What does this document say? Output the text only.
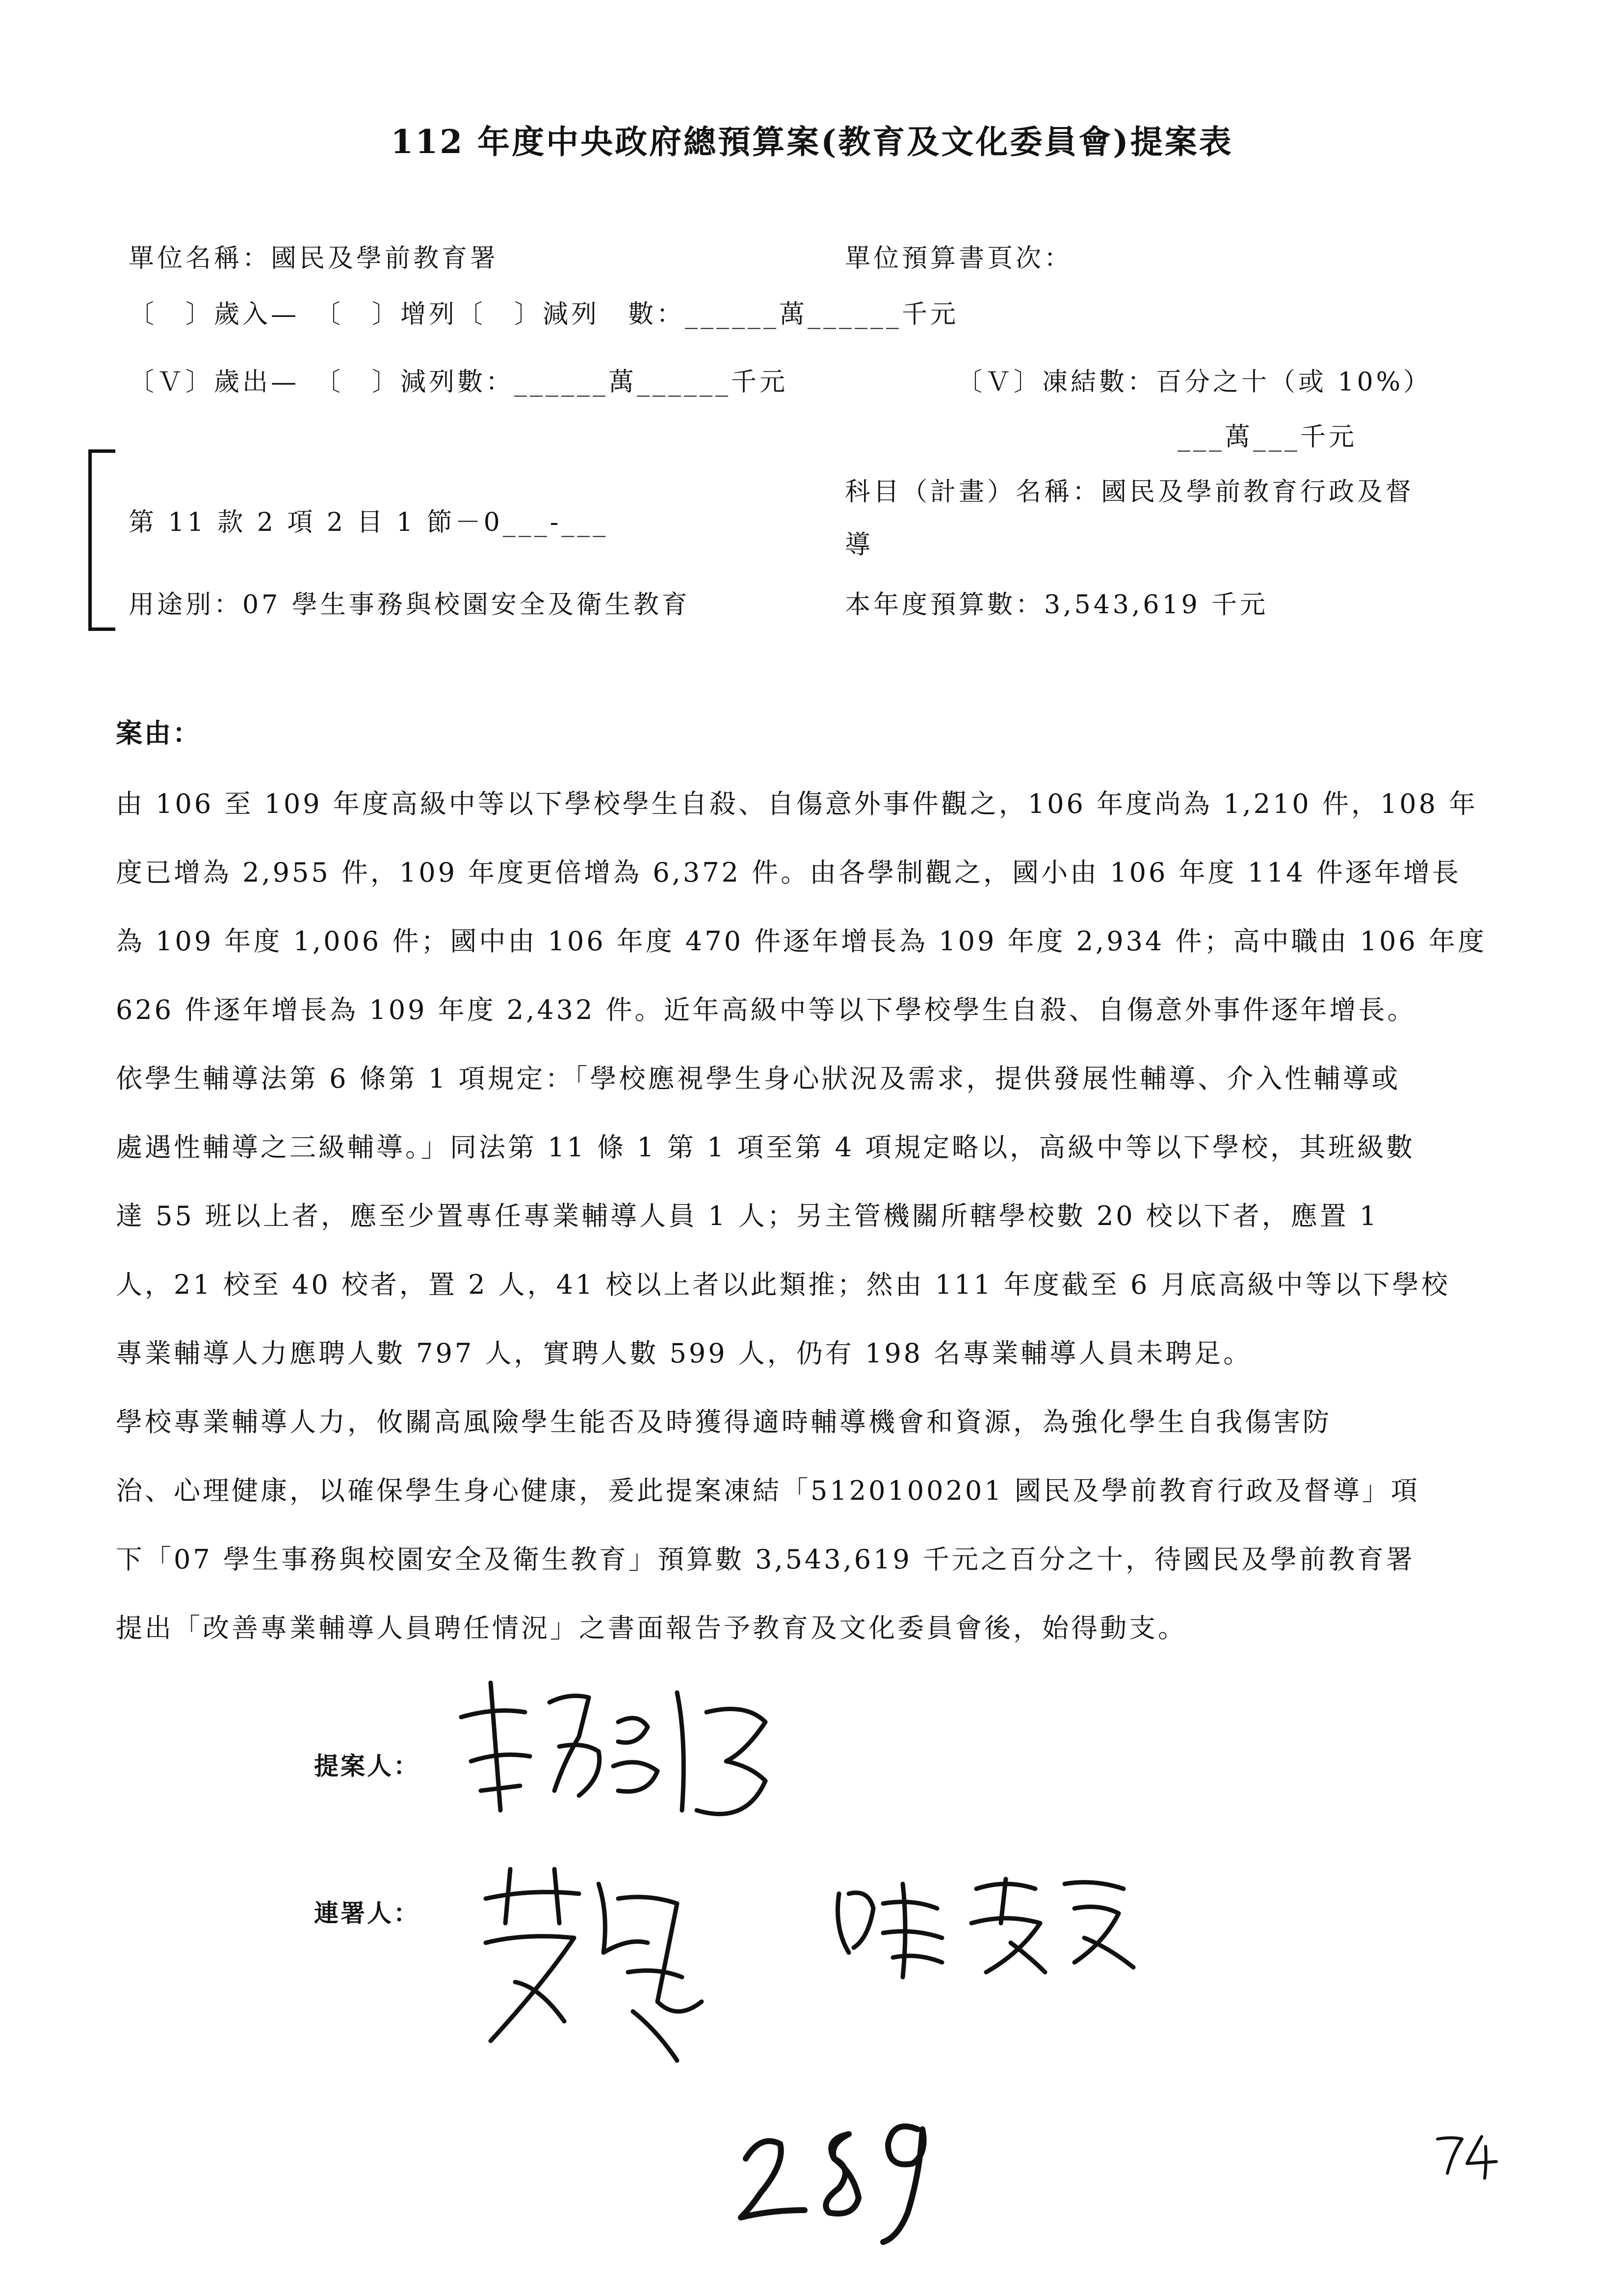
112 年度中央政府總預算案(教育及文化委員會)提案表
單位名稱：國民及學前教育署	單位預算書頁次：
〔　〕歲入—　〔　〕增列〔　〕減列　數：______萬______千元
〔Ｖ〕歲出—　〔　〕減列數：______萬______千元	〔Ｖ〕凍結數：百分之十（或 10%）
___萬___千元
第 11 款 2 項 2 目 1 節－0___-___
科目（計畫）名稱：國民及學前教育行政及督
導
用途別：07 學生事務與校園安全及衛生教育	本年度預算數：3,543,619 千元
案由：
由 106 至 109 年度高級中等以下學校學生自殺、自傷意外事件觀之，106 年度尚為 1,210 件，108 年
度已增為 2,955 件，109 年度更倍增為 6,372 件。由各學制觀之，國小由 106 年度 114 件逐年增長
為 109 年度 1,006 件；國中由 106 年度 470 件逐年增長為 109 年度 2,934 件；高中職由 106 年度
626 件逐年增長為 109 年度 2,432 件。近年高級中等以下學校學生自殺、自傷意外事件逐年增長。
依學生輔導法第 6 條第 1 項規定：「學校應視學生身心狀況及需求，提供發展性輔導、介入性輔導或
處遇性輔導之三級輔導。」同法第 11 條 1 第 1 項至第 4 項規定略以，高級中等以下學校，其班級數
達 55 班以上者，應至少置專任專業輔導人員 1 人；另主管機關所轄學校數 20 校以下者，應置 1
人，21 校至 40 校者，置 2 人，41 校以上者以此類推；然由 111 年度截至 6 月底高級中等以下學校
專業輔導人力應聘人數 797 人，實聘人數 599 人，仍有 198 名專業輔導人員未聘足。
學校專業輔導人力，攸關高風險學生能否及時獲得適時輔導機會和資源，為強化學生自我傷害防
治、心理健康，以確保學生身心健康，爰此提案凍結「5120100201 國民及學前教育行政及督導」項
下「07 學生事務與校園安全及衛生教育」預算數 3,543,619 千元之百分之十，待國民及學前教育署
提出「改善專業輔導人員聘任情況」之書面報告予教育及文化委員會後，始得動支。
提案人：
連署人：
